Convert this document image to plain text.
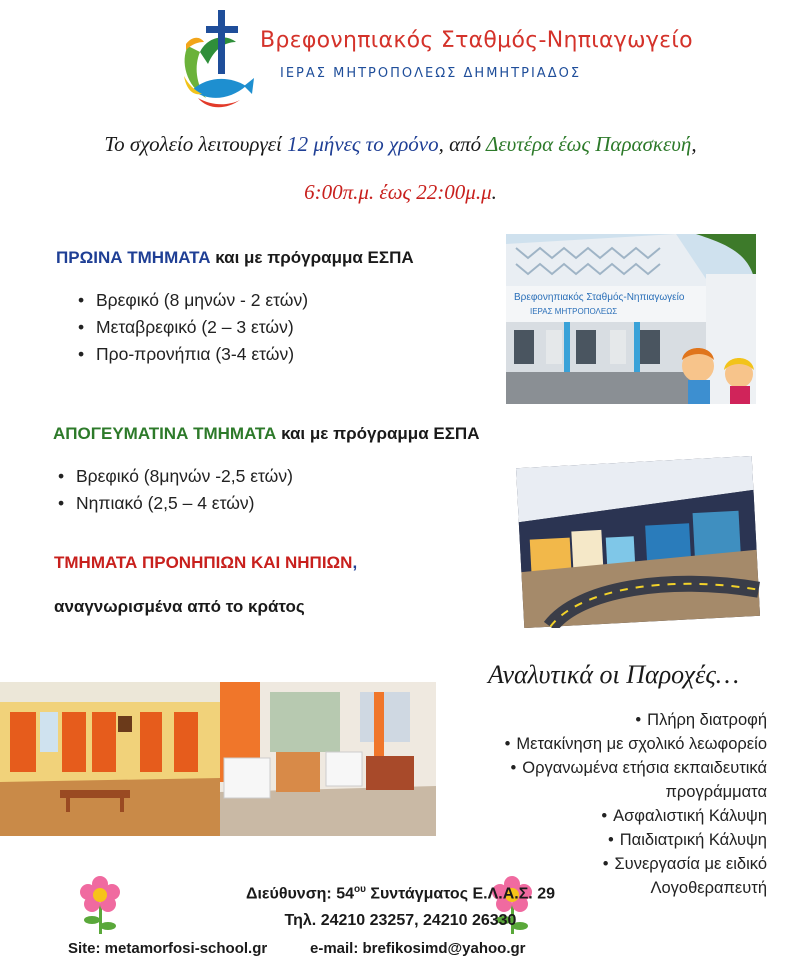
Βρεφονηπιακός Σταθμός-Νηπιαγωγείο
ΙΕΡΑΣ ΜΗΤΡΟΠΟΛΕΩΣ ΔΗΜΗΤΡΙΑΔΟΣ
Το σχολείο λειτουργεί 12 μήνες το χρόνο, από Δευτέρα έως Παρασκευή,
6:00π.μ. έως 22:00μ.μ.
ΠΡΩΙΝΑ ΤΜΗΜΑΤΑ και με πρόγραμμα ΕΣΠΑ
• Βρεφικό (8 μηνών - 2 ετών)
• Μεταβρεφικό (2 – 3 ετών)
• Προ-προνήπια (3-4 ετών)
Βρεφονηπιακός Σταθμός-Νηπιαγωγείο
ΙΕΡΑΣ ΜΗΤΡΟΠΟΛΕΩΣ
ΑΠΟΓΕΥΜΑΤΙΝΑ ΤΜΗΜΑΤΑ και με πρόγραμμα ΕΣΠΑ
• Βρεφικό (8μηνών -2,5 ετών)
• Νηπιακό (2,5 – 4 ετών)
ΤΜΗΜΑΤΑ ΠΡΟΝΗΠΙΩΝ ΚΑΙ ΝΗΠΙΩΝ,
αναγνωρισμένα από το κράτος
Αναλυτικά οι Παροχές…
• Πλήρη διατροφή
• Μετακίνηση με σχολικό λεωφορείο
• Οργανωμένα ετήσια εκπαιδευτικά
προγράμματα
• Ασφαλιστική Κάλυψη
• Παιδιατρική Κάλυψη
• Συνεργασία με ειδικό
Λογοθεραπευτή
Διεύθυνση: $54^{o\upsilon}$ Συντάγματος Ε.Λ.Α.Σ. 29
Τηλ. 24210 23257, 24210 26330
Site: metamorfosi-school.gr	e-mail: brefikosimd@yahoo.gr
